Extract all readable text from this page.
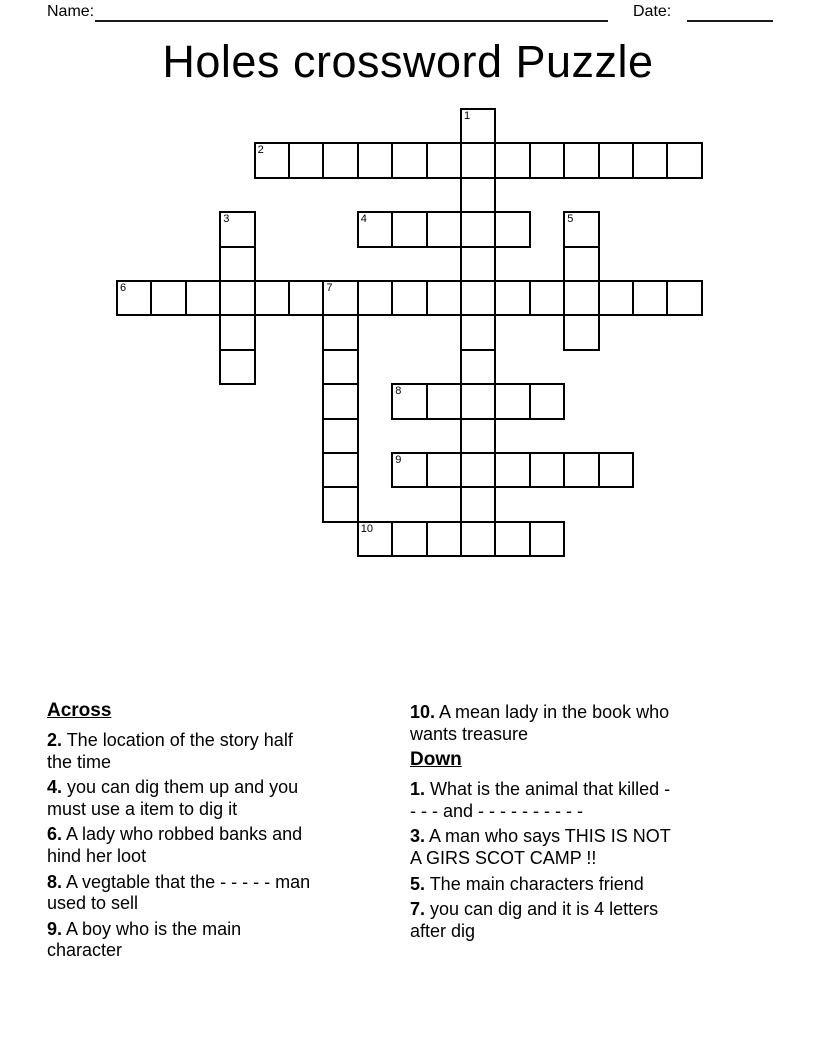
Name:	Date:
Holes crossword Puzzle
1
2
3	4	5
6	7
8
9
10
Across
2. The location of the story half
the time
4. you can dig them up and you
must use a item to dig it
6. A lady who robbed banks and
hind her loot
8. A vegtable that the - - - - - man
used to sell
9. A boy who is the main
character
10. A mean lady in the book who
wants treasure
Down
1. What is the animal that killed -
- - - and - - - - - - - - - -
3. A man who says THIS IS NOT
A GIRS SCOT CAMP !!
5. The main characters friend
7. you can dig and it is 4 letters
after dig
